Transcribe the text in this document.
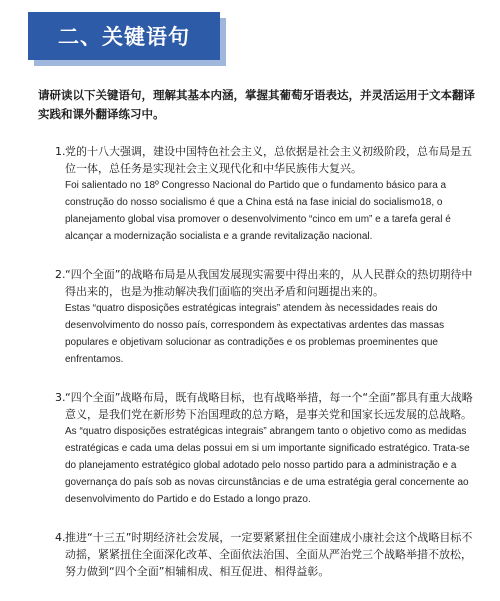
二、关键语句
请研读以下关键语句，理解其基本内涵，掌握其葡萄牙语表达，并灵活运用于文本翻译实践和课外翻译练习中。
1. 党的十八大强调，建设中国特色社会主义，总依据是社会主义初级阶段，总布局是五位一体，总任务是实现社会主义现代化和中华民族伟大复兴。
Foi salientado no 18º Congresso Nacional do Partido que o fundamento básico para a construção do nosso socialismo é que a China está na fase inicial do socialismo18, o planejamento global visa promover o desenvolvimento “cinco em um” e a tarefa geral é alcançar a modernização socialista e a grande revitalização nacional.
2. “四个全面”的战略布局是从我国发展现实需要中得出来的，从人民群众的热切期待中得出来的，也是为推动解决我们面临的突出矛盾和问题提出来的。
Estas “quatro disposições estratégicas integrais” atendem às necessidades reais do desenvolvimento do nosso país, correspondem às expectativas ardentes das massas populares e objetivam solucionar as contradições e os problemas proeminentes que enfrentamos.
3. “四个全面”战略布局，既有战略目标，也有战略举措，每一个“全面”都具有重大战略意义，是我们党在新形势下治国理政的总方略，是事关党和国家长远发展的总战略。
As “quatro disposições estratégicas integrais” abrangem tanto o objetivo como as medidas estratégicas e cada uma delas possui em si um importante significado estratégico. Trata-se do planejamento estratégico global adotado pelo nosso partido para a administração e a governança do país sob as novas circunstâncias e de uma estratégia geral concernente ao desenvolvimento do Partido e do Estado a longo prazo.
4. 推进“十三五”时期经济社会发展，一定要紧紧扭住全面建成小康社会这个战略目标不动摇，紧紧扭住全面深化改革、全面依法治国、全面从严治党三个战略举措不放松，努力做到“四个全面”相辅相成、相互促进、相得益彰。
